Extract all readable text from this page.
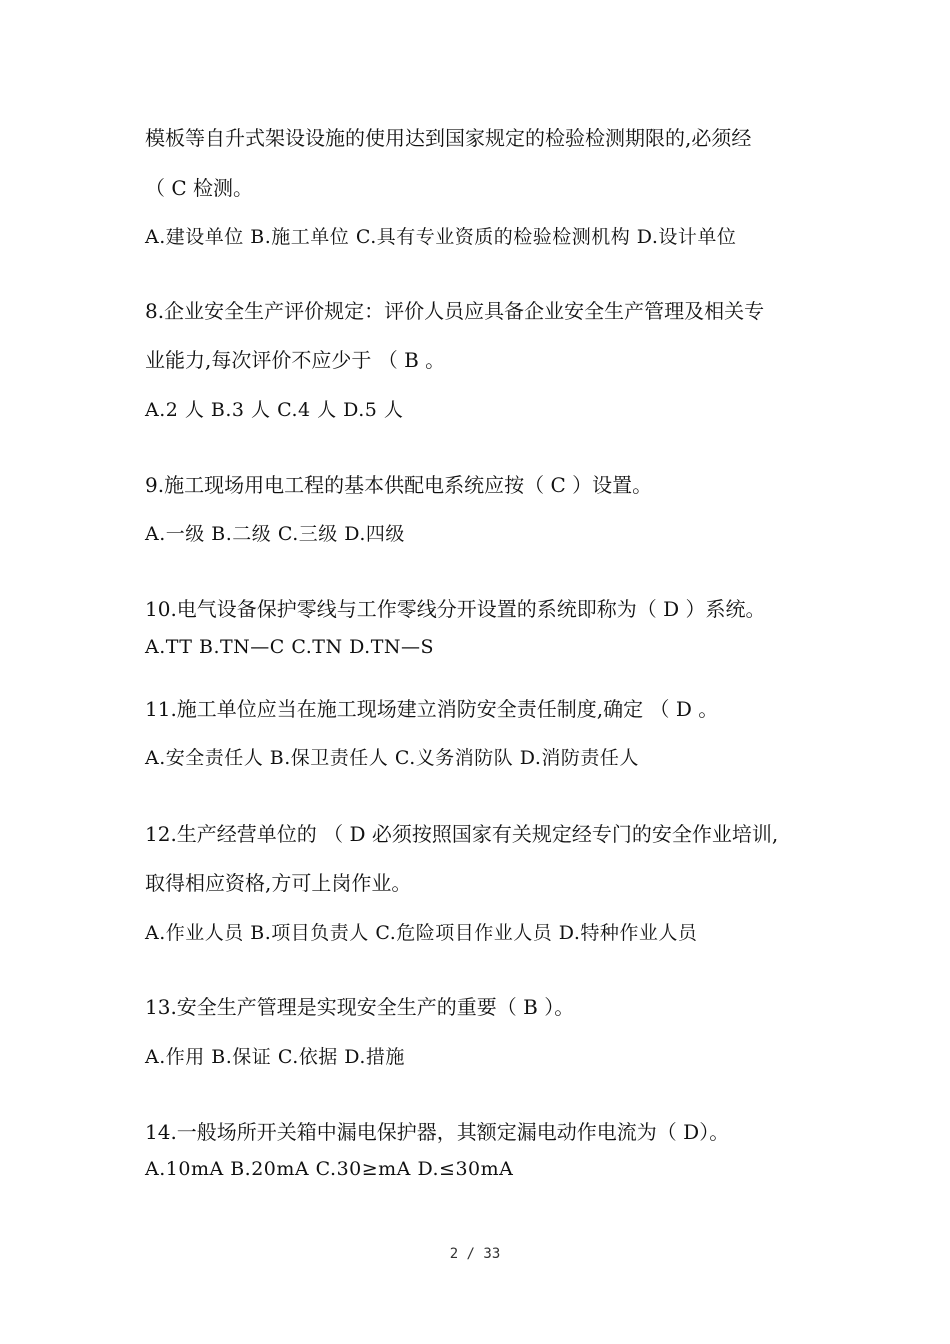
模板等自升式架设设施的使用达到国家规定的检验检测期限的,必须经
（ C 检测。
A.建设单位 B.施工单位 C.具有专业资质的检验检测机构 D.设计单位
8.企业安全生产评价规定：评价人员应具备企业安全生产管理及相关专
业能力,每次评价不应少于 （ B 。
A.2 人 B.3 人 C.4 人 D.5 人
9.施工现场用电工程的基本供配电系统应按（ C ）设置。
A.一级 B.二级 C.三级 D.四级
10.电气设备保护零线与工作零线分开设置的系统即称为（ D ）系统。
A.TT B.TN—C C.TN D.TN—S
11.施工单位应当在施工现场建立消防安全责任制度,确定 （ D 。
A.安全责任人 B.保卫责任人 C.义务消防队 D.消防责任人
12.生产经营单位的 （ D 必须按照国家有关规定经专门的安全作业培训,
取得相应资格,方可上岗作业。
A.作业人员 B.项目负责人 C.危险项目作业人员 D.特种作业人员
13.安全生产管理是实现安全生产的重要（ B ）。
A.作用 B.保证 C.依据 D.措施
14.一般场所开关箱中漏电保护器，其额定漏电动作电流为（ D）。
A.10mA B.20mA C.30≥mA D.≤30mA
2 / 33
